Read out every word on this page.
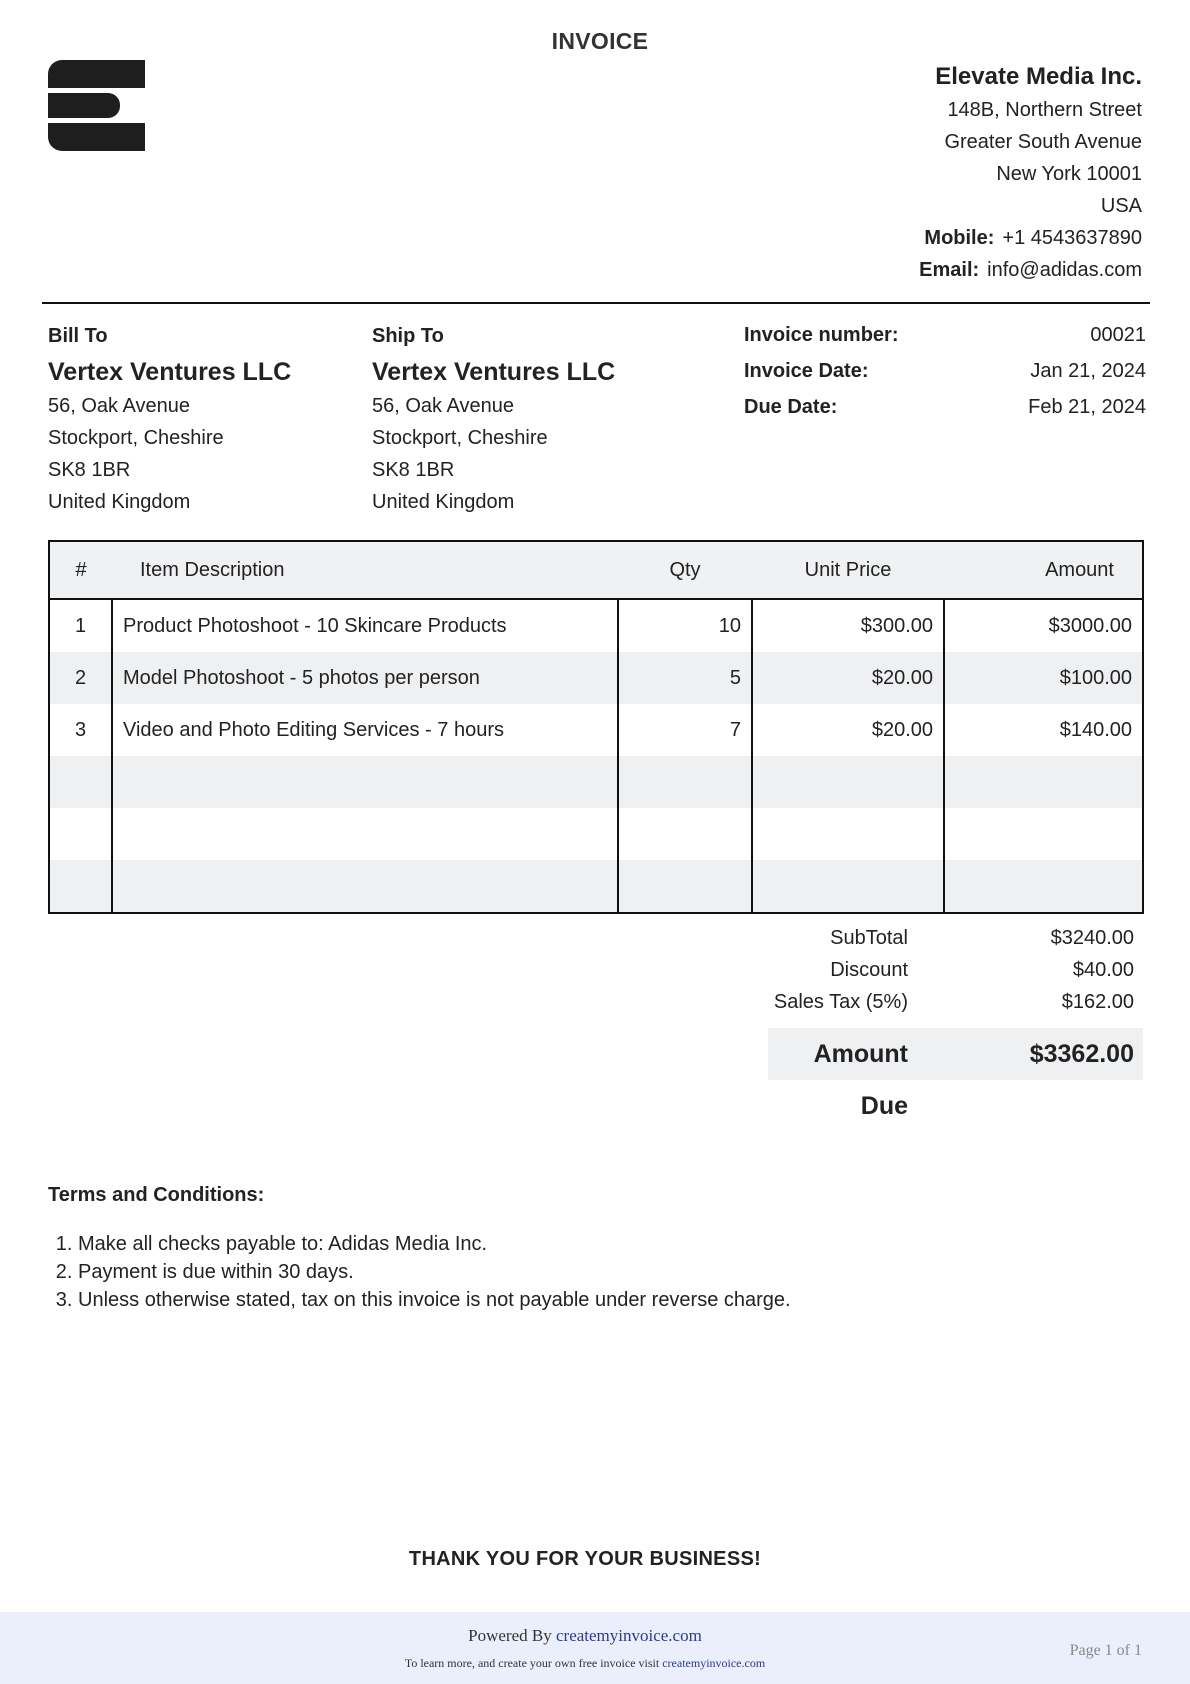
INVOICE
Elevate Media Inc.
148B, Northern Street
Greater South Avenue
New York 10001
USA
Mobile: +1 4543637890
Email: info@adidas.com
Bill To
Vertex Ventures LLC
56, Oak Avenue
Stockport, Cheshire
SK8 1BR
United Kingdom
Ship To
Vertex Ventures LLC
56, Oak Avenue
Stockport, Cheshire
SK8 1BR
United Kingdom
Invoice number:	00021
Invoice Date:	Jan 21, 2024
Due Date:	Feb 21, 2024
#	Item Description	Qty	Unit Price	Amount
1	Product Photoshoot - 10 Skincare Products	10	$300.00	$3000.00
2	Model Photoshoot - 5 photos per person	5	$20.00	$100.00
3	Video and Photo Editing Services - 7 hours	7	$20.00	$140.00

SubTotal	$3240.00
Discount	$40.00
Sales Tax (5%)	$162.00
Amount Due
$3362.00
Terms and Conditions:
1. Make all checks payable to: Adidas Media Inc.
2. Payment is due within 30 days.
3. Unless otherwise stated, tax on this invoice is not payable under reverse charge.
THANK YOU FOR YOUR BUSINESS!
Powered By createmyinvoice.com
To learn more, and create your own free invoice visit createmyinvoice.com
Page 1 of 1
